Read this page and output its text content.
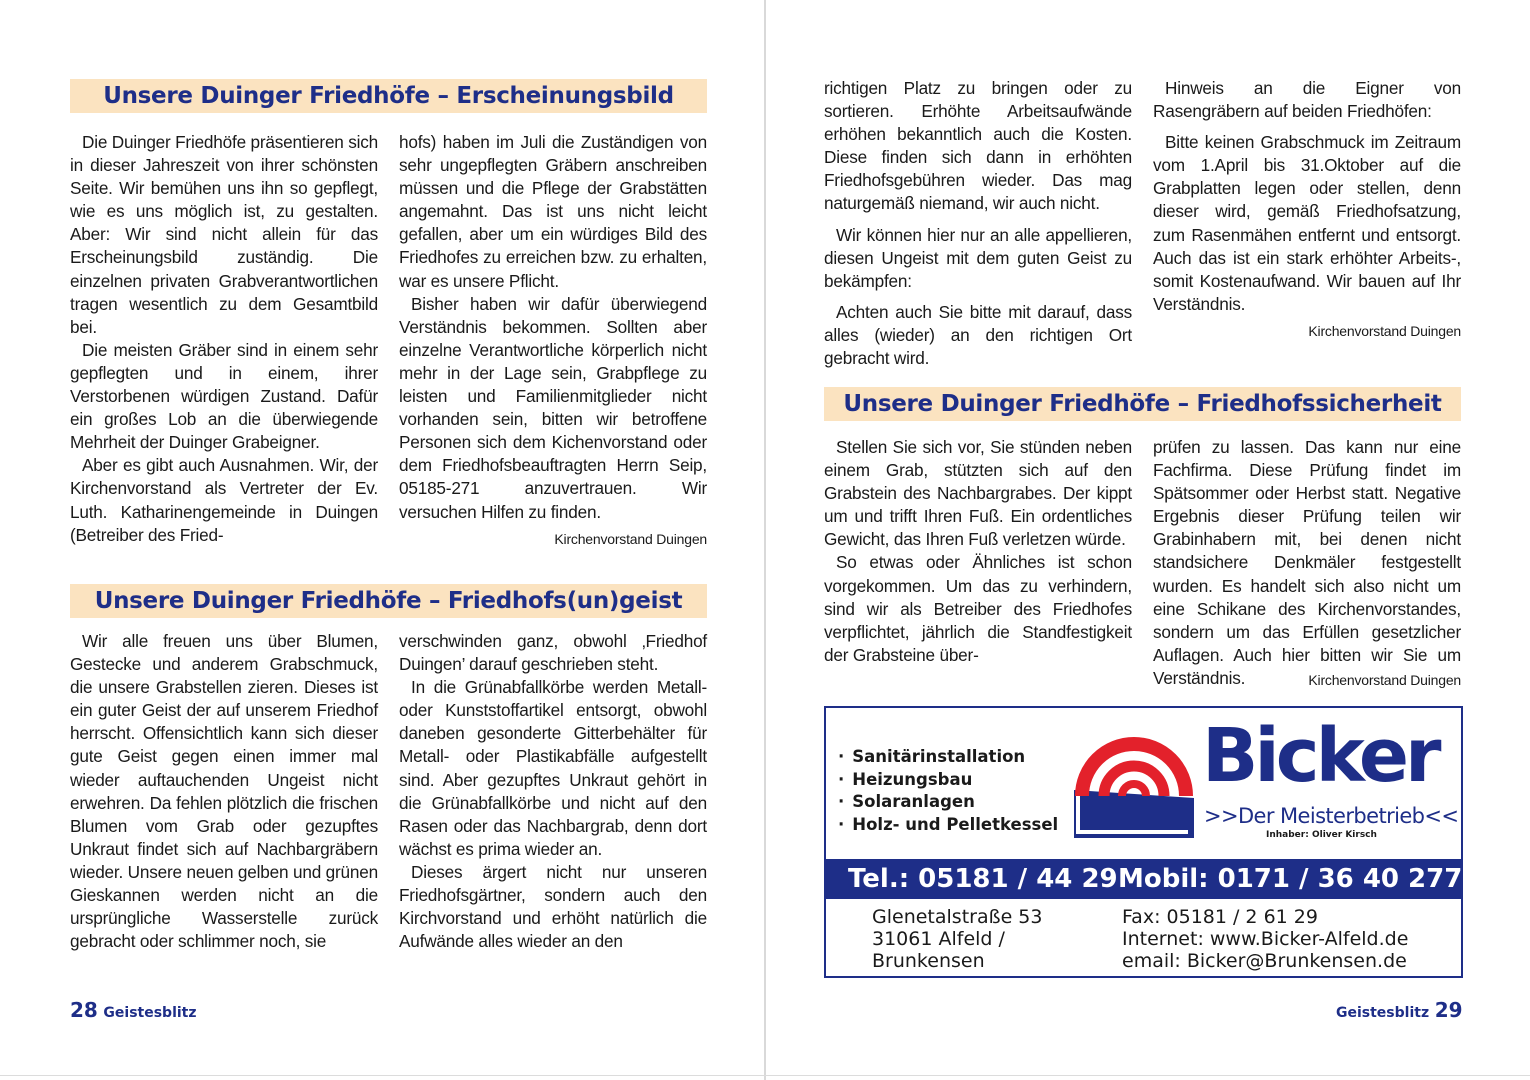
Unsere Duinger Friedhöfe – Erscheinungsbild

Die Duinger Friedhöfe präsentieren sich in dieser Jahreszeit von ihrer schönsten Seite. Wir bemühen uns ihn so gepflegt, wie es uns möglich ist, zu gestalten. Aber: Wir sind nicht allein für das Erscheinungsbild zuständig. Die einzelnen privaten Grabverantwortlichen tragen wesentlich zu dem Gesamtbild bei.

Die meisten Gräber sind in einem sehr gepflegten und in einem, ihrer Verstorbenen würdigen Zustand. Dafür ein großes Lob an die überwiegende Mehrheit der Duinger Grabeigner.

Aber es gibt auch Ausnahmen. Wir, der Kirchenvorstand als Vertreter der Ev. Luth. Katharinengemeinde in Duingen (Betreiber des Fried-

hofs) haben im Juli die Zuständigen von sehr ungepflegten Gräbern anschreiben müssen und die Pflege der Grabstätten angemahnt. Das ist uns nicht leicht gefallen, aber um ein würdiges Bild des Friedhofes zu erreichen bzw. zu erhalten, war es unsere Pflicht.

Bisher haben wir dafür überwiegend Verständnis bekommen. Sollten aber einzelne Verantwortliche körperlich nicht mehr in der Lage sein, Grabpflege zu leisten und Familienmitglieder nicht vorhanden sein, bitten wir betroffene Personen sich dem Kichenvorstand oder dem Friedhofsbeauftragten Herrn Seip, 05185-271 anzuvertrauen. Wir versuchen Hilfen zu finden.

Kirchenvorstand Duingen
Unsere Duinger Friedhöfe – Friedhofs(un)geist

Wir alle freuen uns über Blumen, Gestecke und anderem Grabschmuck, die unsere Grabstellen zieren. Dieses ist ein guter Geist der auf unserem Friedhof herrscht. Offensichtlich kann sich dieser gute Geist gegen einen immer mal wieder auftauchenden Ungeist nicht erwehren. Da fehlen plötzlich die frischen Blumen vom Grab oder gezupftes Unkraut findet sich auf Nachbargräbern wieder. Unsere neuen gelben und grünen Gieskannen werden nicht an die ursprüngliche Wasserstelle zurück gebracht oder schlimmer noch, sie

verschwinden ganz, obwohl ‚Friedhof Duingen’ darauf geschrieben steht.

In die Grünabfallkörbe werden Metall- oder Kunststoffartikel entsorgt, obwohl daneben gesonderte Gitterbehälter für Metall- oder Plastikabfälle aufgestellt sind. Aber gezupftes Unkraut gehört in die Grünabfallkörbe und nicht auf den Rasen oder das Nachbargrab, denn dort wächst es prima wieder an.

Dieses ärgert nicht nur unseren Friedhofsgärtner, sondern auch den Kirchvorstand und erhöht natürlich die Aufwände alles wieder an den

28 Geistesblitz

richtigen Platz zu bringen oder zu sortieren. Erhöhte Arbeitsaufwände erhöhen bekanntlich auch die Kosten. Diese finden sich dann in erhöhten Friedhofsgebühren wieder. Das mag naturgemäß niemand, wir auch nicht.

Wir können hier nur an alle appellieren, diesen Ungeist mit dem guten Geist zu bekämpfen:

Achten auch Sie bitte mit darauf, dass alles (wieder) an den richtigen Ort gebracht wird.

Hinweis an die Eigner von Rasengräbern auf beiden Friedhöfen:

Bitte keinen Grabschmuck im Zeitraum vom 1.April bis 31.Oktober auf die Grabplatten legen oder stellen, denn dieser wird, gemäß Friedhofsatzung, zum Rasenmähen entfernt und entsorgt. Auch das ist ein stark erhöhter Arbeits-, somit Kostenaufwand. Wir bauen auf Ihr Verständnis.

Kirchenvorstand Duingen
Unsere Duinger Friedhöfe – Friedhofssicherheit

Stellen Sie sich vor, Sie stünden neben einem Grab, stützten sich auf den Grabstein des Nachbargrabes. Der kippt um und trifft Ihren Fuß. Ein ordentliches Gewicht, das Ihren Fuß verletzen würde.

So etwas oder Ähnliches ist schon vorgekommen. Um das zu verhindern, sind wir als Betreiber des Friedhofes verpflichtet, jährlich die Standfestigkeit der Grabsteine über-

prüfen zu lassen. Das kann nur eine Fachfirma. Diese Prüfung findet im Spätsommer oder Herbst statt. Negative Ergebnis dieser Prüfung teilen wir Grabinhabern mit, bei denen nicht standsichere Denkmäler festgestellt wurden. Es handelt sich also nicht um eine Schikane des Kirchenvorstandes, sondern um das Erfüllen gesetzlicher Auflagen. Auch hier bitten wir Sie um Verständnis.	Kirchenvorstand Duingen
· Sanitärinstallation
· Heizungsbau
· Solaranlagen
· Holz- und Pelletkessel
Bicker
>>Der Meisterbetrieb<<
Inhaber: Oliver Kirsch
Tel.: 05181 / 44 29 Mobil: 0171 / 36 40 277
Glenetalstraße 53
31061 Alfeld /
Brunkensen
Fax: 05181 / 2 61 29
Internet: www.Bicker-Alfeld.de
email: Bicker@Brunkensen.de
Geistesblitz 29
